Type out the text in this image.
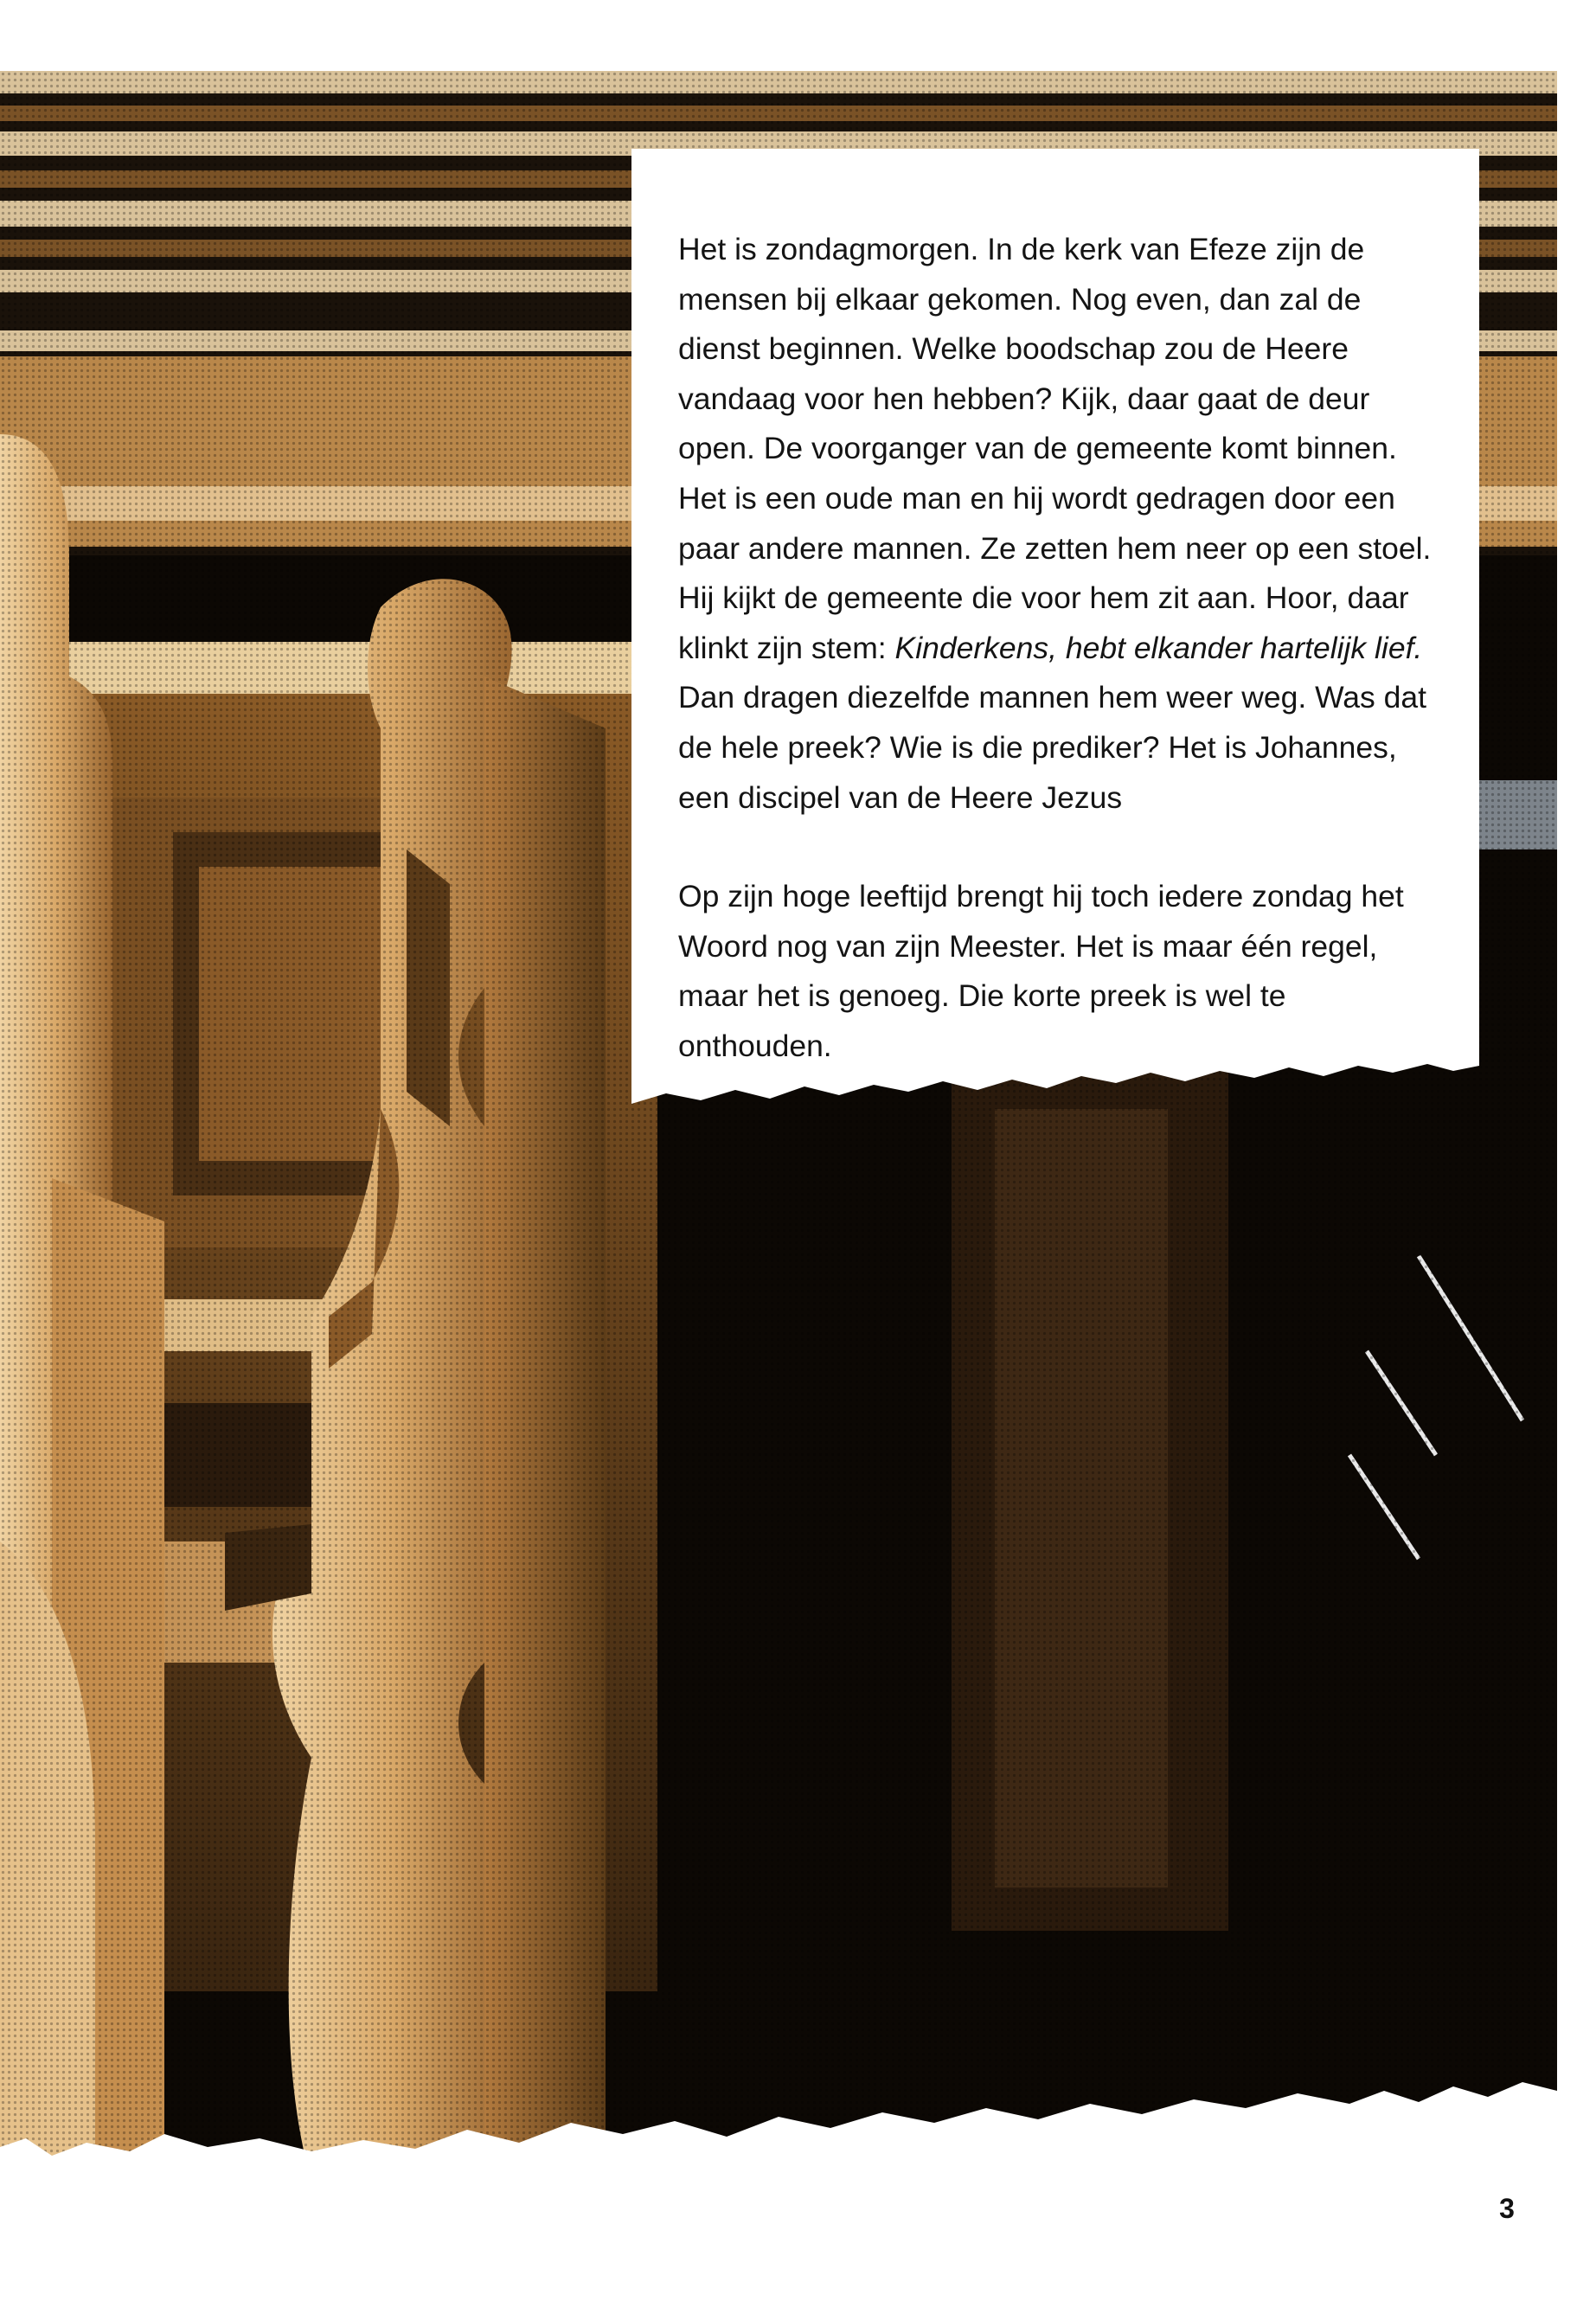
Het is zondagmorgen. In de kerk van Efeze zijn de mensen bij elkaar gekomen. Nog even, dan zal de dienst beginnen. Welke boodschap zou de Heere vandaag voor hen hebben? Kijk, daar gaat de deur open. De voorganger van de gemeente komt binnen. Het is een oude man en hij wordt gedragen door een paar andere mannen. Ze zetten hem neer op een stoel. Hij kijkt de gemeente die voor hem zit aan. Hoor, daar klinkt zijn stem: Kinderkens, hebt elkander hartelijk lief. Dan dragen diezelfde mannen hem weer weg. Was dat de hele preek? Wie is die prediker? Het is Johannes, een discipel van de Heere Jezus

Op zijn hoge leeftijd brengt hij toch iedere zondag het Woord nog van zijn Meester. Het is maar één regel, maar het is genoeg. Die korte preek is wel te onthouden.

3
